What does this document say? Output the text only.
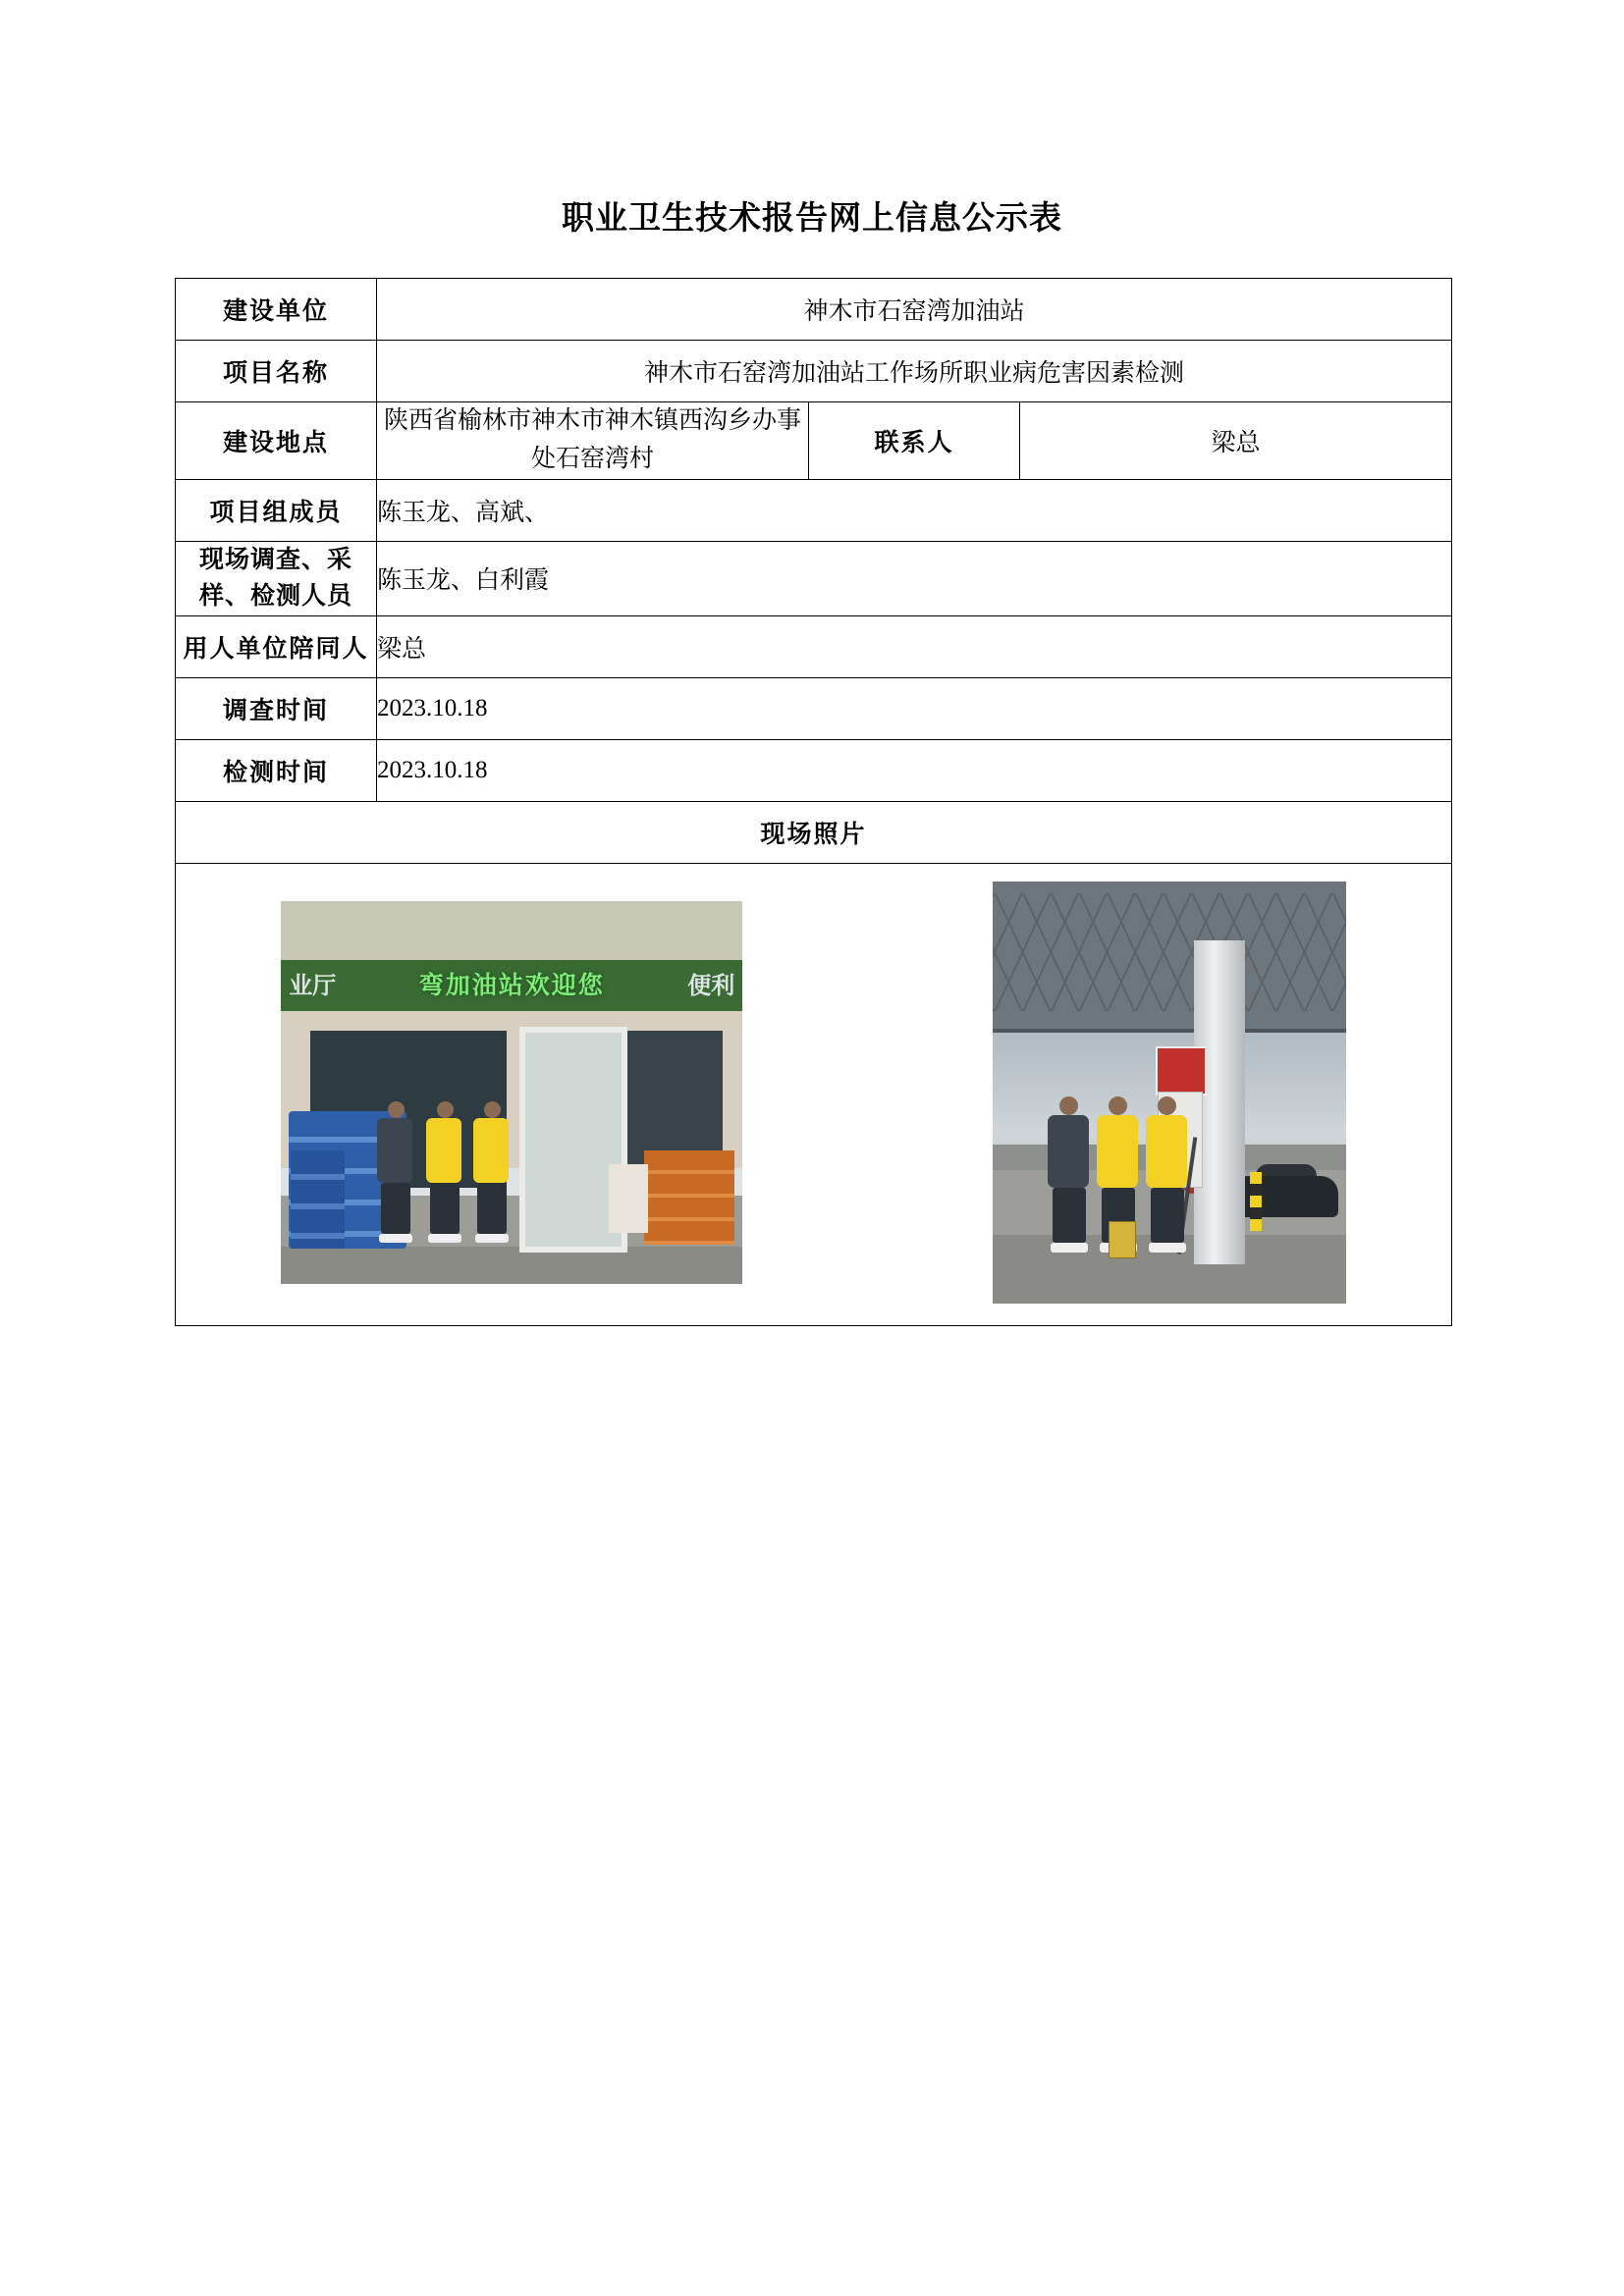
职业卫生技术报告网上信息公示表
建设单位	神木市石窑湾加油站		
项目名称	神木市石窑湾加油站工作场所职业病危害因素检测		
建设地点	陕西省榆林市神木市神木镇西沟乡办事处石窑湾村	联系人	梁总
项目组成员	陈玉龙、高斌、		
现场调查、采样、检测人员	陈玉龙、白利霞		
用人单位陪同人	梁总		
调查时间	2023.10.18		
检测时间	2023.10.18		
现场照片			

业厅 弯加油站欢迎您 便利			
